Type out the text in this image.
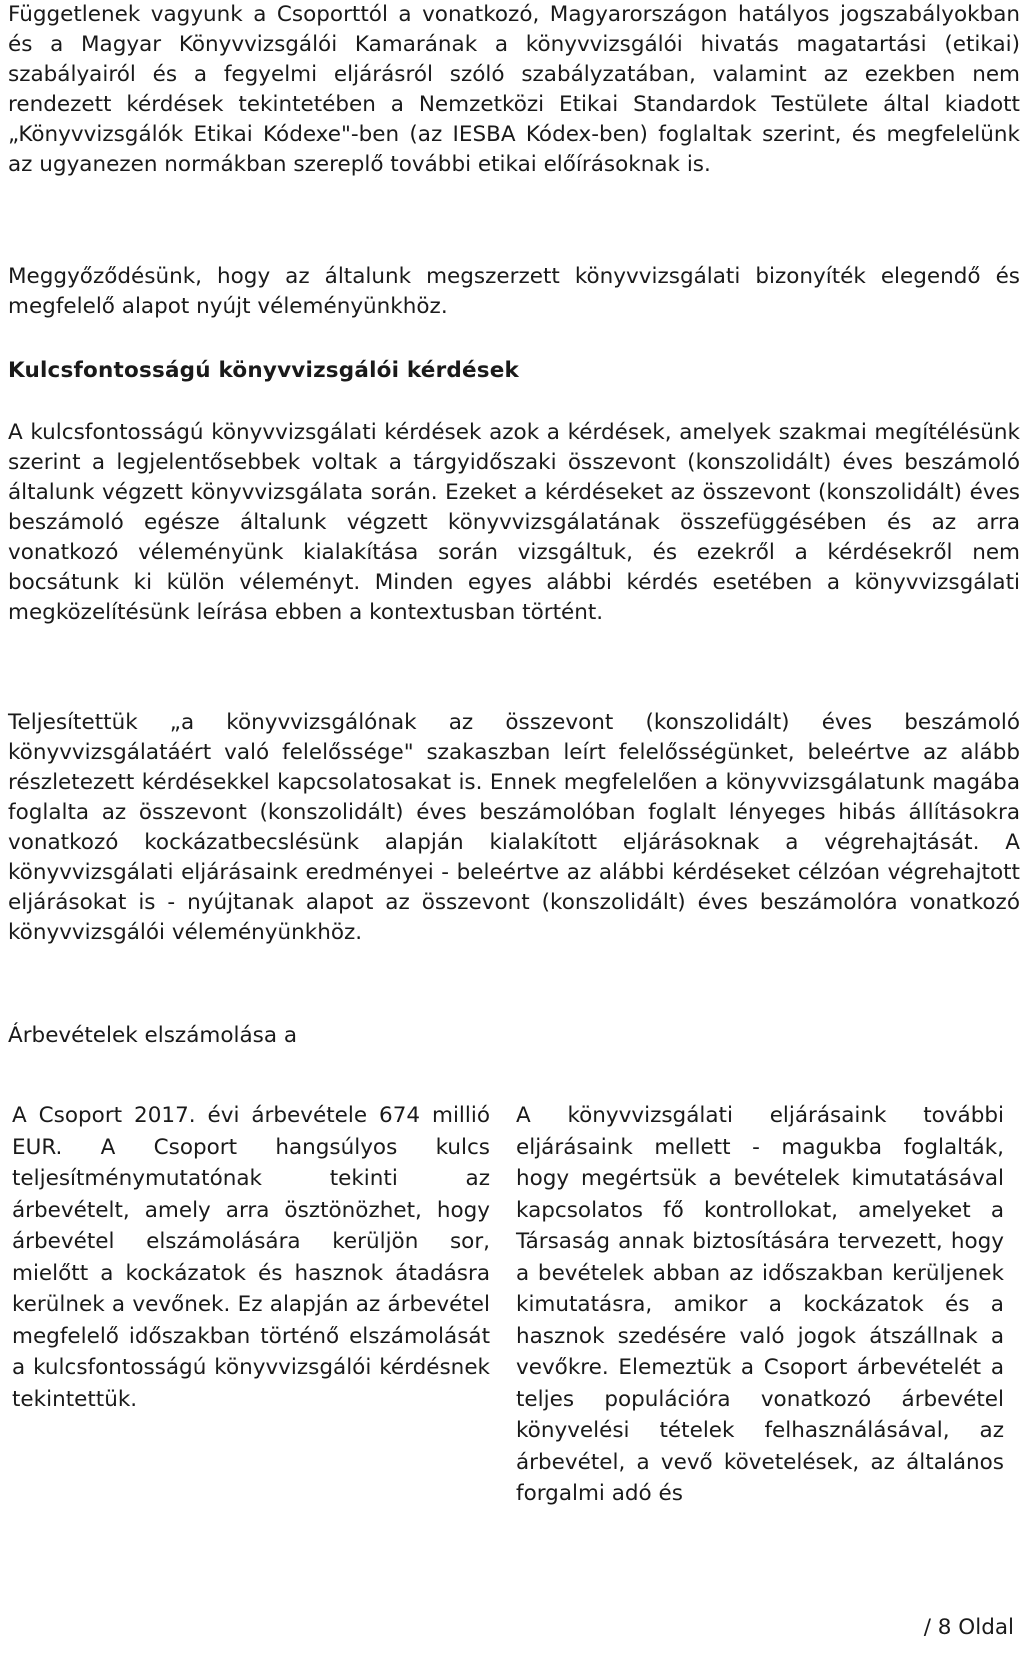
Függetlenek vagyunk a Csoporttól a vonatkozó, Magyarországon hatályos jogszabályokban és a Magyar Könyvvizsgálói Kamarának a könyvvizsgálói hivatás magatartási (etikai) szabályairól és a fegyelmi eljárásról szóló szabályzatában, valamint az ezekben nem rendezett kérdések tekintetében a Nemzetközi Etikai Standardok Testülete által kiadott „Könyvvizsgálók Etikai Kódexe"-ben (az IESBA Kódex-ben) foglaltak szerint, és megfelelünk az ugyanezen normákban szereplő további etikai előírásoknak is.

Meggyőződésünk, hogy az általunk megszerzett könyvvizsgálati bizonyíték elegendő és megfelelő alapot nyújt véleményünkhöz.

Kulcsfontosságú könyvvizsgálói kérdések

A kulcsfontosságú könyvvizsgálati kérdések azok a kérdések, amelyek szakmai megítélésünk szerint a legjelentősebbek voltak a tárgyidőszaki összevont (konszolidált) éves beszámoló általunk végzett könyvvizsgálata során. Ezeket a kérdéseket az összevont (konszolidált) éves beszámoló egésze általunk végzett könyvvizsgálatának összefüggésében és az arra vonatkozó véleményünk kialakítása során vizsgáltuk, és ezekről a kérdésekről nem bocsátunk ki külön véleményt. Minden egyes alábbi kérdés esetében a könyvvizsgálati megközelítésünk leírása ebben a kontextusban történt.

Teljesítettük „a könyvvizsgálónak az összevont (konszolidált) éves beszámoló könyvvizsgálatáért való felelőssége" szakaszban leírt felelősségünket, beleértve az alább részletezett kérdésekkel kapcsolatosakat is. Ennek megfelelően a könyvvizsgálatunk magába foglalta az összevont (konszolidált) éves beszámolóban foglalt lényeges hibás állításokra vonatkozó kockázatbecslésünk alapján kialakított eljárásoknak a végrehajtását. A könyvvizsgálati eljárásaink eredményei - beleértve az alábbi kérdéseket célzóan végrehajtott eljárásokat is - nyújtanak alapot az összevont (konszolidált) éves beszámolóra vonatkozó könyvvizsgálói véleményünkhöz.

Árbevételek elszámolása a

A Csoport 2017. évi árbevétele 674 millió EUR. A Csoport hangsúlyos kulcs teljesítménymutatónak tekinti az árbevételt, amely arra ösztönözhet, hogy árbevétel elszámolására kerüljön sor, mielőtt a kockázatok és hasznok átadásra kerülnek a vevőnek. Ez alapján az árbevétel megfelelő időszakban történő elszámolását a kulcsfontosságú könyvvizsgálói kérdésnek tekintettük.

A könyvvizsgálati eljárásaink további eljárásaink mellett - magukba foglalták, hogy megértsük a bevételek kimutatásával kapcsolatos fő kontrollokat, amelyeket a Társaság annak biztosítására tervezett, hogy a bevételek abban az időszakban kerüljenek kimutatásra, amikor a kockázatok és a hasznok szedésére való jogok átszállnak a vevőkre. Elemeztük a Csoport árbevételét a teljes populációra vonatkozó árbevétel könyvelési tételek felhasználásával, az árbevétel, a vevő követelések, az általános forgalmi adó és

/ 8 Oldal
